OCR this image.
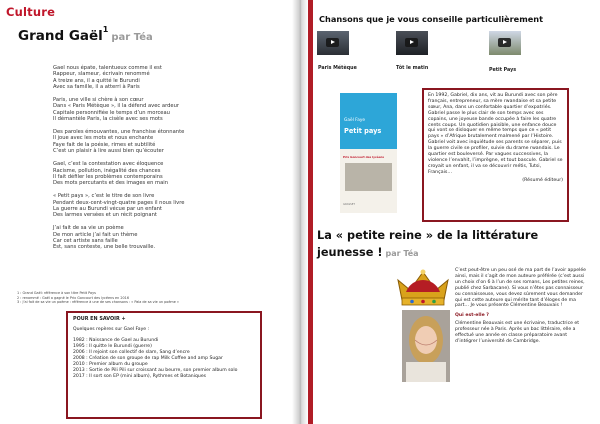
Culture
Grand Gaël$^1$par Téa
Gael nous épate, talentueux comme il est
Rappeur, slameur, écrivain renommé
A treize ans, il a quitté le Burundi
Avec sa famille, il a atterri à Paris

Paris, une ville si chère à son cœur
Dans « Paris Métèque », il la défend avec ardeur
Capitale personnifiée le temps d’un morceau
Il démantèle Paris, la cisèle avec ses mots

Des paroles émouvantes, une franchise étonnante
Il joue avec les mots et nous enchante
Faye fait de la poésie, rimes et subtilité
C’est un plaisir à lire aussi bien qu’écouter

Gael, c’est la contestation avec éloquence
Racisme, pollution, inégalité des chances
Il fait défiler les problèmes contemporains
Des mots percutants et des images en main

« Petit pays », c’est le titre de son livre
Pendant deux-cent-vingt-quatre pages il nous livre
La guerre au Burundi vécue par un enfant
Des larmes versées et un récit poignant

J’ai fait de sa vie un poème
De mon article j’ai fait un thème
Car cet artiste sans faille
Est, sans conteste, une belle trouvaille.
1 : Grand Gaël: référence à son titre Petit Pays
2 : renommé : Gaël a gagné le Prix Goncourt des lycéens en 2016
3 : J’ai fait de sa vie un poème : référence à une de ses chansons : « Pala de sa vie un poème »
POUR EN SAVOIR +
Quelques repères sur Gael Faye :
1982 : Naissance de Gael au Burundi
1995 : Il quitte le Burundi (guerre)
2006 : Il rejoint son collectif de slam, Sang d’encre
2008 : Création de son groupe de rap Milk Coffee and amp Sugar
2010 : Premier album du groupe
2013 : Sortie de Pili Pili sur croissant au beurre, son premier album solo
2017 : Il sort son EP (mini album), Rythmes et Botaniques
Chansons que je vous conseille particulièrement
Paris Métèque	Tôt le matin	Petit Pays
Gaël Faye
Petit pays
Prix Goncourt des lycéens
GRASSET
En 1992, Gabriel, dix ans, vit au Burundi avec son père français, entrepreneur, sa mère rwandaise et sa petite sœur, Ana, dans un confortable quartier d’expatriés. Gabriel passe le plus clair de son temps avec ses copains, une joyeuse bande occupée à faire les quatre cents coups. Un quotidien paisible, une enfance douce qui vont se disloquer en même temps que ce « petit pays » d’Afrique brutalement malmené par l’Histoire. Gabriel voit avec inquiétude ses parents se séparer, puis la guerre civile se profiler, suivie du drame rwandais. Le quartier est bouleversé. Par vagues successives, la violence l’envahit, l’imprègne, et tout bascule. Gabriel se croyait un enfant, il va se découvrir métis, Tutsi, Français…
(Résumé éditeur)
La « petite reine » de la littérature
jeunesse ! par Téa

C’est peut-être un peu osé de ma part de l’avoir appelée ainsi, mais il s’agit de mon auteure préférée (c’est aussi un choix d’on 6 à l’un de ses romans, Les petites reines, publié chez Sarbacane). Si vous n’êtes pas connaisseur ou connaisseuse, vous devez sûrement vous demander qui est cette auteure qui mérite tant d’éloges de ma part… Je vous présente Clémentine Beauvais !

Qui est-elle ?

Clémentine Beauvais est une écrivaine, traductrice et professeur née à Paris. Après un bac littéraire, elle a effectué une année en classe préparatoire avant d’intégrer l’université de Cambridge.
